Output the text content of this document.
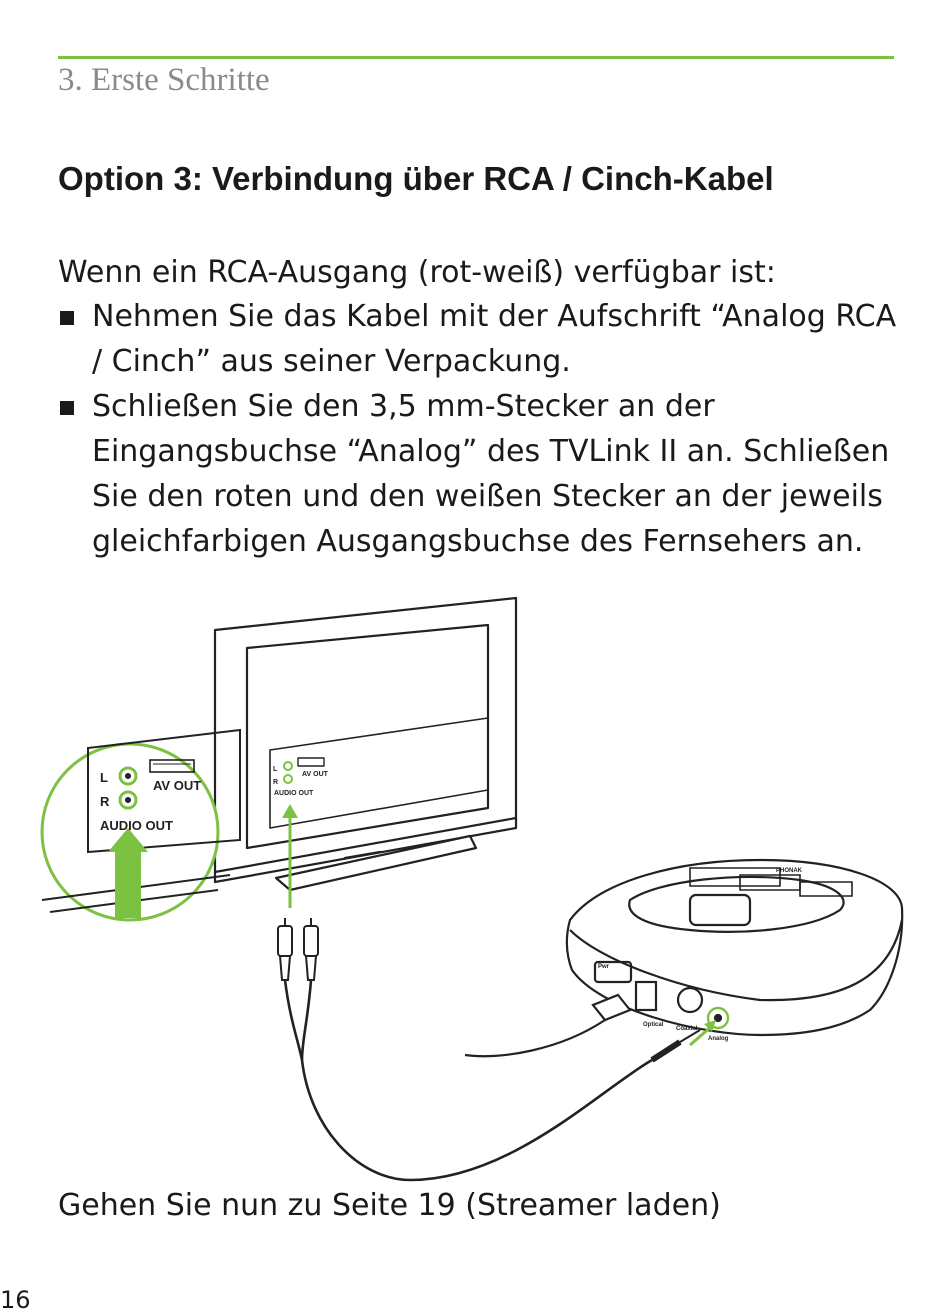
3. Erste Schritte
Option 3: Verbindung über RCA / Cinch-Kabel
Wenn ein RCA-Ausgang (rot-weiß) verfügbar ist:
Nehmen Sie das Kabel mit der Aufschrift “Analog RCA / Cinch” aus seiner Verpackung.
Schließen Sie den 3,5 mm-Stecker an der Eingangsbuchse “Analog” des TVLink II an. Schließen Sie den roten und den weißen Stecker an der jeweils gleichfarbigen Ausgangsbuchse des Fernsehers an.
L
R
AV OUT
AUDIO OUT
L
R
AV OUT
AUDIO OUT
Optical
Coaxial
Analog
Pwr
PHONAK
Gehen Sie nun zu Seite 19 (Streamer laden)
16
